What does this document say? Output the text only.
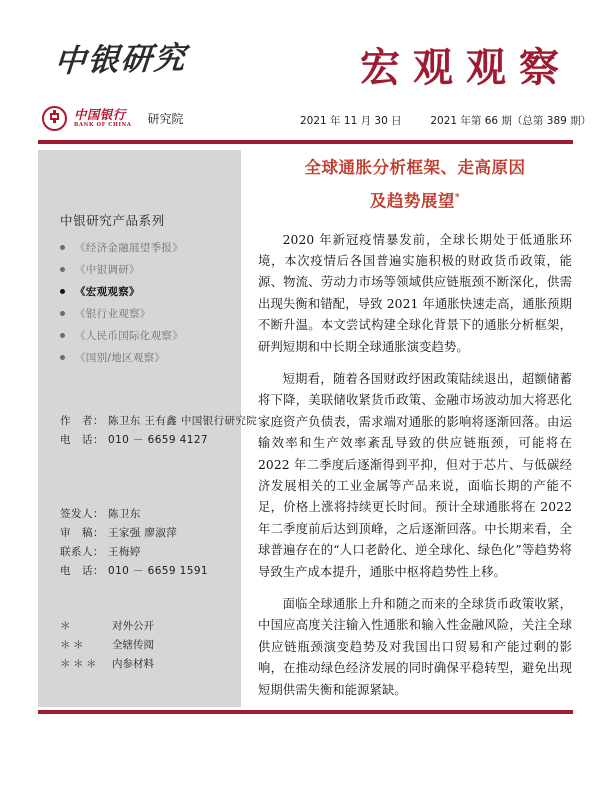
中银研究	宏观观察
中国银行
BANK OF CHINA 研究院	2021 年 11 月 30 日	2021 年第 66 期（总第 389 期）
中银研究产品系列
《经济金融展望季报》
《中银调研》
《宏观观察》
《银行业观察》
《人民币国际化观察》
《国别/地区观察》
作　者： 陈卫东 王有鑫 中国银行研究院
电　话： 010 － 6659 4127
签发人： 陈卫东
审　稿： 王家强 廖淑萍
联系人： 王梅婷
电　话： 010 － 6659 1591
＊	对外公开
＊＊	全辖传阅
＊＊＊	内参材料
全球通胀分析框架、走高原因
及趋势展望*

2020 年新冠疫情暴发前，全球长期处于低通胀环境，本次疫情后各国普遍实施积极的财政货币政策，能源、物流、劳动力市场等领域供应链瓶颈不断深化，供需出现失衡和错配，导致 2021 年通胀快速走高，通胀预期不断升温。本文尝试构建全球化背景下的通胀分析框架，研判短期和中长期全球通胀演变趋势。

短期看，随着各国财政纾困政策陆续退出，超额储蓄将下降，美联储收紧货币政策、金融市场波动加大将恶化家庭资产负债表，需求端对通胀的影响将逐渐回落。由运输效率和生产效率紊乱导致的供应链瓶颈，可能将在 2022 年二季度后逐渐得到平抑，但对于芯片、与低碳经济发展相关的工业金属等产品来说，面临长期的产能不足，价格上涨将持续更长时间。预计全球通胀将在 2022 年二季度前后达到顶峰，之后逐渐回落。中长期来看，全球普遍存在的“人口老龄化、逆全球化、绿色化”等趋势将导致生产成本提升，通胀中枢将趋势性上移。

面临全球通胀上升和随之而来的全球货币政策收紧，中国应高度关注输入性通胀和输入性金融风险，关注全球供应链瓶颈演变趋势及对我国出口贸易和产能过剩的影响，在推动绿色经济发展的同时确保平稳转型，避免出现短期供需失衡和能源紧缺。
